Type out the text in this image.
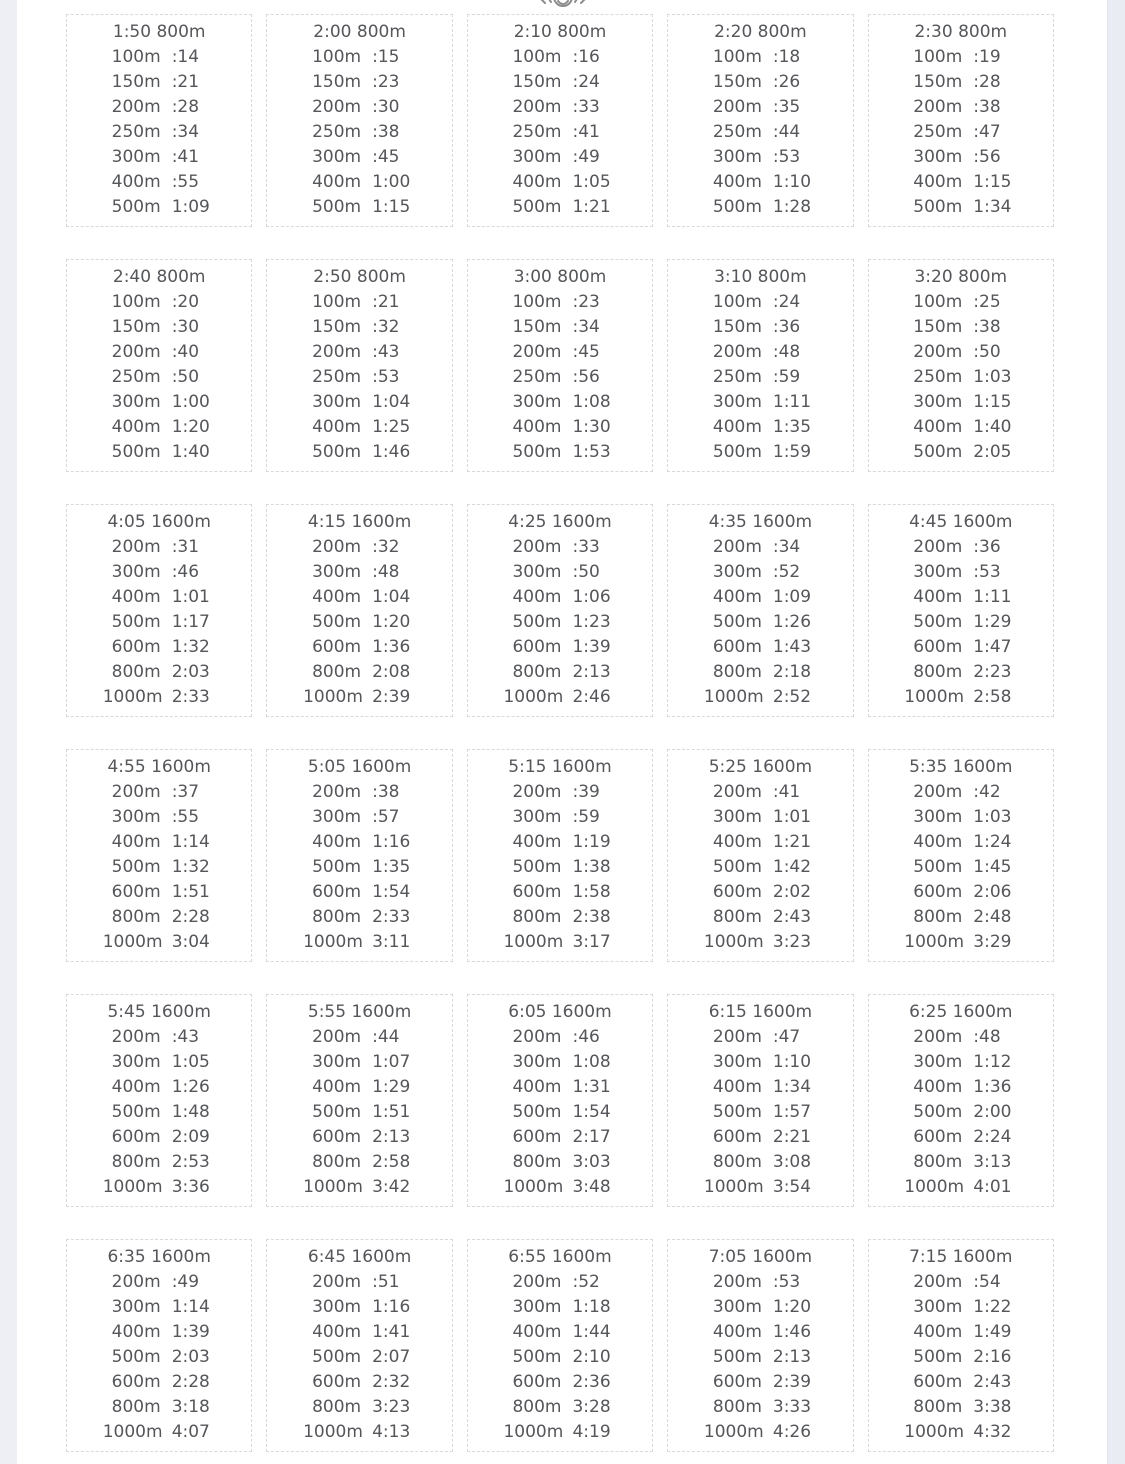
1:50 800m
100m :14
150m :21
200m :28
250m :34
300m :41
400m :55
500m 1:09
2:00 800m
100m :15
150m :23
200m :30
250m :38
300m :45
400m 1:00
500m 1:15
2:10 800m
100m :16
150m :24
200m :33
250m :41
300m :49
400m 1:05
500m 1:21
2:20 800m
100m :18
150m :26
200m :35
250m :44
300m :53
400m 1:10
500m 1:28
2:30 800m
100m :19
150m :28
200m :38
250m :47
300m :56
400m 1:15
500m 1:34
2:40 800m
100m :20
150m :30
200m :40
250m :50
300m 1:00
400m 1:20
500m 1:40
2:50 800m
100m :21
150m :32
200m :43
250m :53
300m 1:04
400m 1:25
500m 1:46
3:00 800m
100m :23
150m :34
200m :45
250m :56
300m 1:08
400m 1:30
500m 1:53
3:10 800m
100m :24
150m :36
200m :48
250m :59
300m 1:11
400m 1:35
500m 1:59
3:20 800m
100m :25
150m :38
200m :50
250m 1:03
300m 1:15
400m 1:40
500m 2:05
4:05 1600m
200m :31
300m :46
400m 1:01
500m 1:17
600m 1:32
800m 2:03
1000m 2:33
4:15 1600m
200m :32
300m :48
400m 1:04
500m 1:20
600m 1:36
800m 2:08
1000m 2:39
4:25 1600m
200m :33
300m :50
400m 1:06
500m 1:23
600m 1:39
800m 2:13
1000m 2:46
4:35 1600m
200m :34
300m :52
400m 1:09
500m 1:26
600m 1:43
800m 2:18
1000m 2:52
4:45 1600m
200m :36
300m :53
400m 1:11
500m 1:29
600m 1:47
800m 2:23
1000m 2:58
4:55 1600m
200m :37
300m :55
400m 1:14
500m 1:32
600m 1:51
800m 2:28
1000m 3:04
5:05 1600m
200m :38
300m :57
400m 1:16
500m 1:35
600m 1:54
800m 2:33
1000m 3:11
5:15 1600m
200m :39
300m :59
400m 1:19
500m 1:38
600m 1:58
800m 2:38
1000m 3:17
5:25 1600m
200m :41
300m 1:01
400m 1:21
500m 1:42
600m 2:02
800m 2:43
1000m 3:23
5:35 1600m
200m :42
300m 1:03
400m 1:24
500m 1:45
600m 2:06
800m 2:48
1000m 3:29
5:45 1600m
200m :43
300m 1:05
400m 1:26
500m 1:48
600m 2:09
800m 2:53
1000m 3:36
5:55 1600m
200m :44
300m 1:07
400m 1:29
500m 1:51
600m 2:13
800m 2:58
1000m 3:42
6:05 1600m
200m :46
300m 1:08
400m 1:31
500m 1:54
600m 2:17
800m 3:03
1000m 3:48
6:15 1600m
200m :47
300m 1:10
400m 1:34
500m 1:57
600m 2:21
800m 3:08
1000m 3:54
6:25 1600m
200m :48
300m 1:12
400m 1:36
500m 2:00
600m 2:24
800m 3:13
1000m 4:01
6:35 1600m
200m :49
300m 1:14
400m 1:39
500m 2:03
600m 2:28
800m 3:18
1000m 4:07
6:45 1600m
200m :51
300m 1:16
400m 1:41
500m 2:07
600m 2:32
800m 3:23
1000m 4:13
6:55 1600m
200m :52
300m 1:18
400m 1:44
500m 2:10
600m 2:36
800m 3:28
1000m 4:19
7:05 1600m
200m :53
300m 1:20
400m 1:46
500m 2:13
600m 2:39
800m 3:33
1000m 4:26
7:15 1600m
200m :54
300m 1:22
400m 1:49
500m 2:16
600m 2:43
800m 3:38
1000m 4:32
